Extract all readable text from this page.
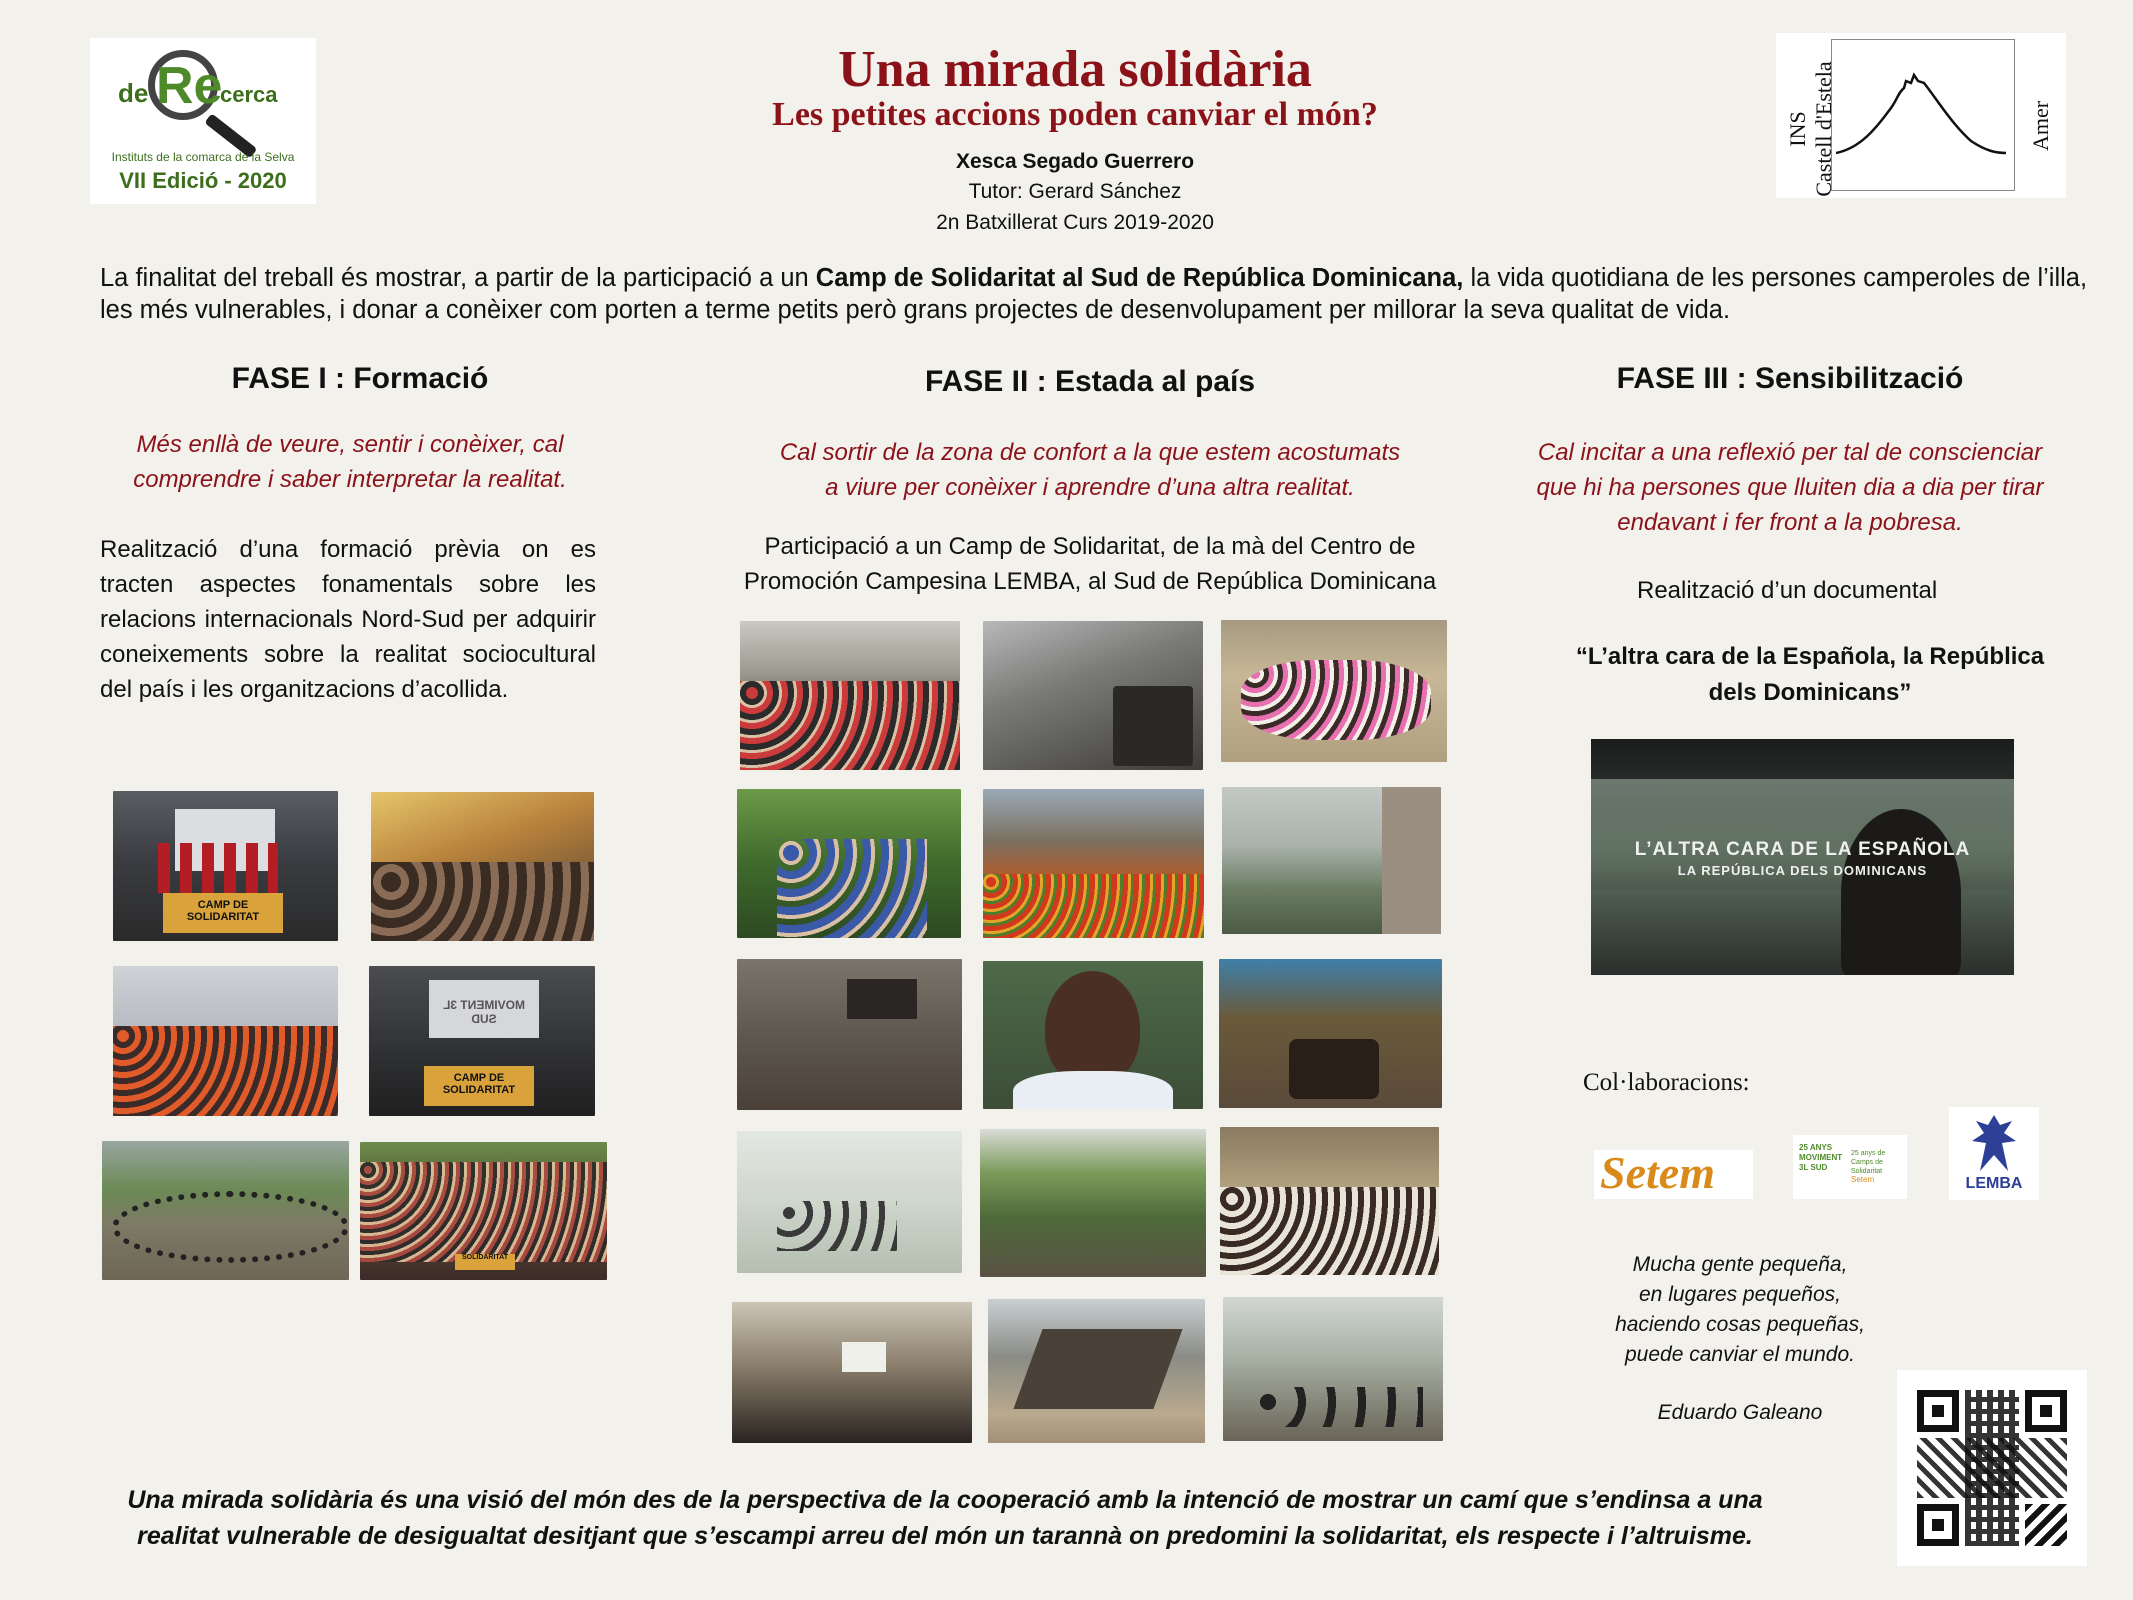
de Re
cerca
Instituts de la comarca de la Selva
VII Edició - 2020
Una mirada solidària
Les petites accions poden canviar el món?
Xesca Segado Guerrero
Tutor: Gerard Sánchez
2n Batxillerat Curs 2019-2020
INS
Castell d'Estela	Amer
La finalitat del treball és mostrar, a partir de la participació a un Camp de Solidaritat al Sud de República Dominicana, la vida quotidiana de les persones camperoles de l’illa, les més vulnerables, i donar a conèixer com porten a terme petits però grans projectes de desenvolupament per millorar la seva qualitat de vida.
FASE I : Formació
Més enllà de veure, sentir i conèixer, cal
comprendre i saber interpretar la realitat.
Realització d’una formació prèvia on es tracten aspectes fonamentals sobre les relacions internacionals Nord-Sud per adquirir coneixements sobre la realitat sociocultural del país i les organitzacions d’acollida.
CAMP DE SOLIDARITAT
MOVIMENT 3L SUD
CAMP DE SOLIDARITAT
SOLIDARITAT
FASE II : Estada al país
Cal sortir de la zona de confort a la que estem acostumats
a viure per conèixer i aprendre d’una altra realitat.
Participació a un Camp de Solidaritat, de la mà del Centro de
Promoción Campesina LEMBA, al Sud de República Dominicana
FASE III : Sensibilització
Cal incitar a una reflexió per tal de conscienciar
que hi ha persones que lluiten dia a dia per tirar
endavant i fer front a la pobresa.
Realització d’un documental
“L’altra cara de la Española, la República
dels Dominicans”
L’ALTRA CARA DE LA ESPAÑOLA
LA REPÚBLICA DELS DOMINICANS
Col·laboracions:
Setem	25 ANYS MOVIMENT 3L SUD
25 anys de Camps de Solidaritat
Setem	LEMBA
Mucha gente pequeña,
en lugares pequeños,
haciendo cosas pequeñas,
puede canviar el mundo.
Eduardo Galeano
Una mirada solidària és una visió del món des de la perspectiva de la cooperació amb la intenció de mostrar un camí que s’endinsa a una
realitat vulnerable de desigualtat desitjant que s’escampi arreu del món un tarannà on predomini la solidaritat, els respecte i l’altruisme.
